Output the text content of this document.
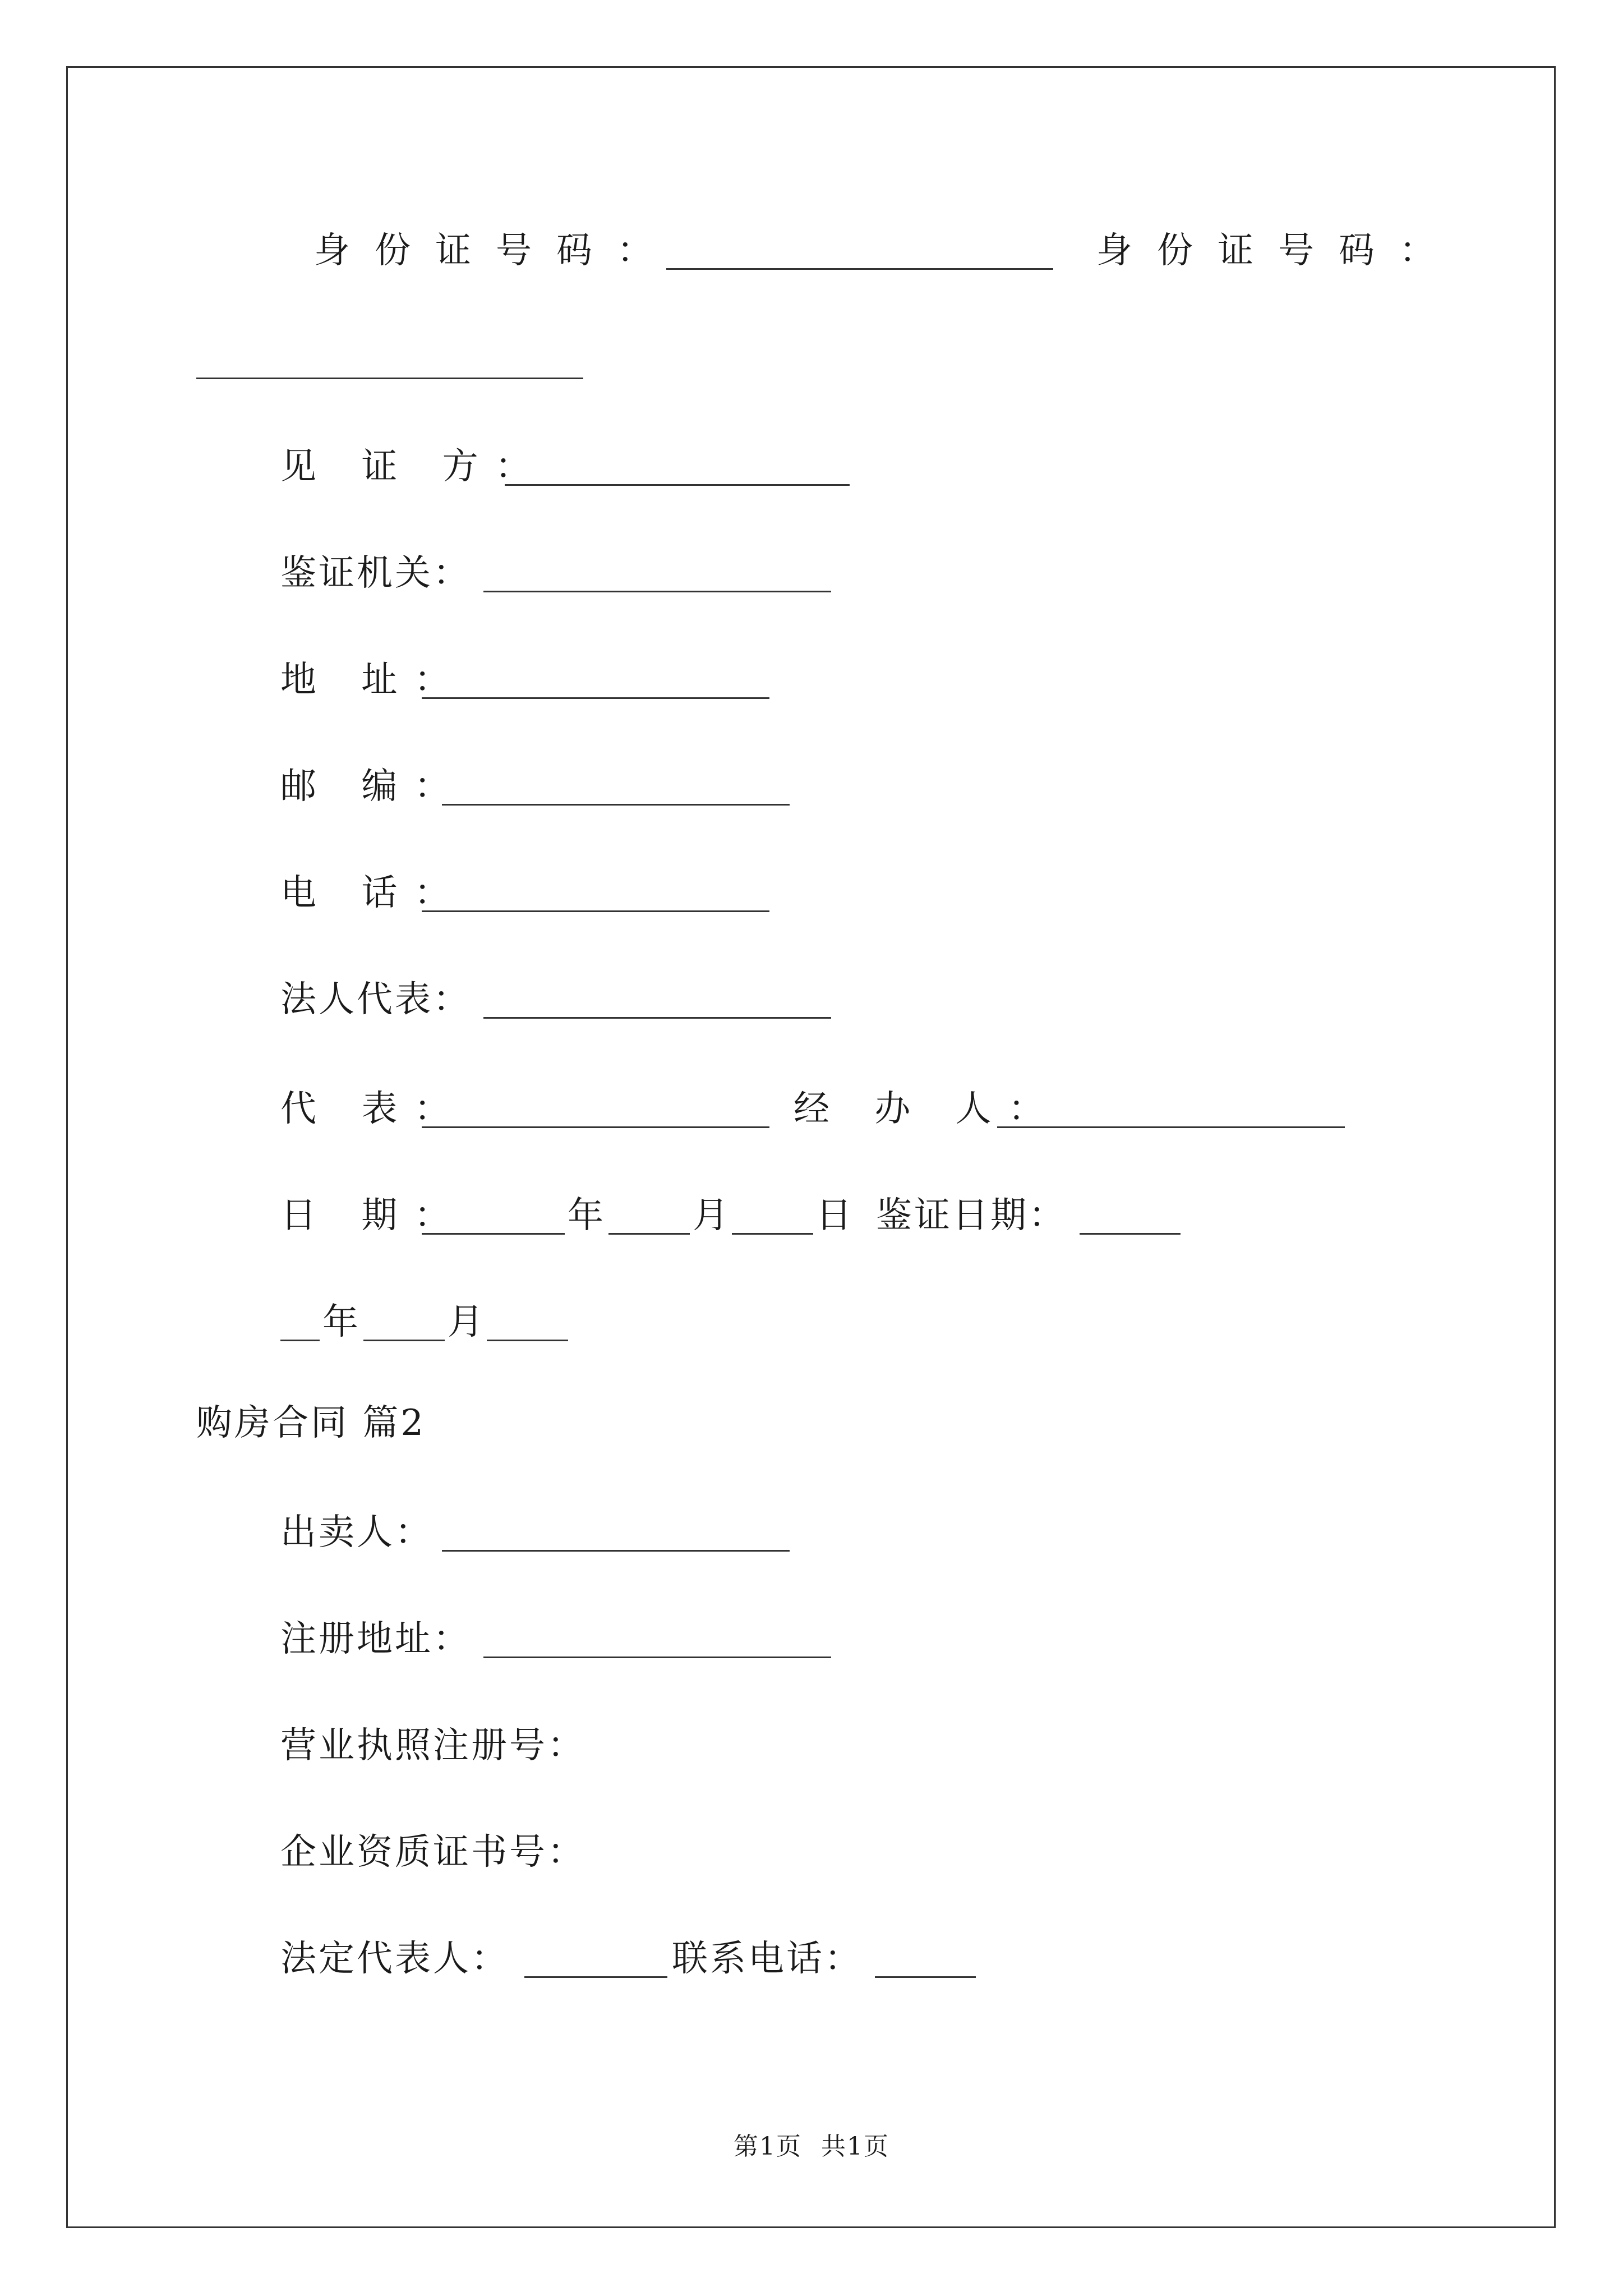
身份证号码：	身份证号码：
见 证 方：
鉴证机关：
地 址：
邮 编：
电 话：
法人代表：
代 表：	经 办 人：
日 期：	年 月 日 鉴证日期：
年 月
购房合同 篇2
出卖人：
注册地址：
营业执照注册号：
企业资质证书号：
法定代表人：	联系电话：
第1页 共1页
